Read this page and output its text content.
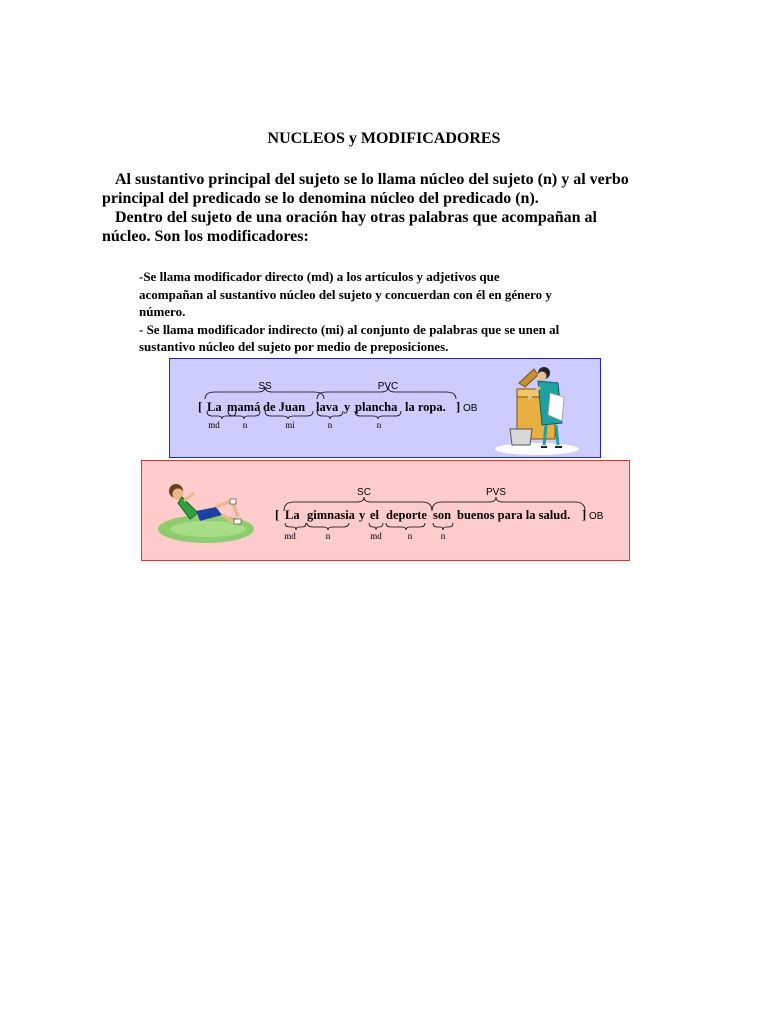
NUCLEOS y MODIFICADORES
Al sustantivo principal del sujeto se lo llama núcleo del sujeto (n) y al verbo
principal del predicado se lo denomina núcleo del predicado (n).
Dentro del sujeto de una oración hay otras palabras que acompañan al
núcleo. Son los modificadores:
-Se llama modificador directo (md) a los artículos y adjetivos que
acompañan al sustantivo núcleo del sujeto y concuerdan con él en género y
número.
- Se llama modificador indirecto (mi) al conjunto de palabras que se unen al
sustantivo núcleo del sujeto por medio de preposiciones.
SS	PVC
[ La mamá de Juan lava y plancha la ropa. ] OB
md	n	mi	n	n
SC	PVS
[ La gimnasia y el deporte son buenos para la salud. ] OB
md	n	md	n	n
